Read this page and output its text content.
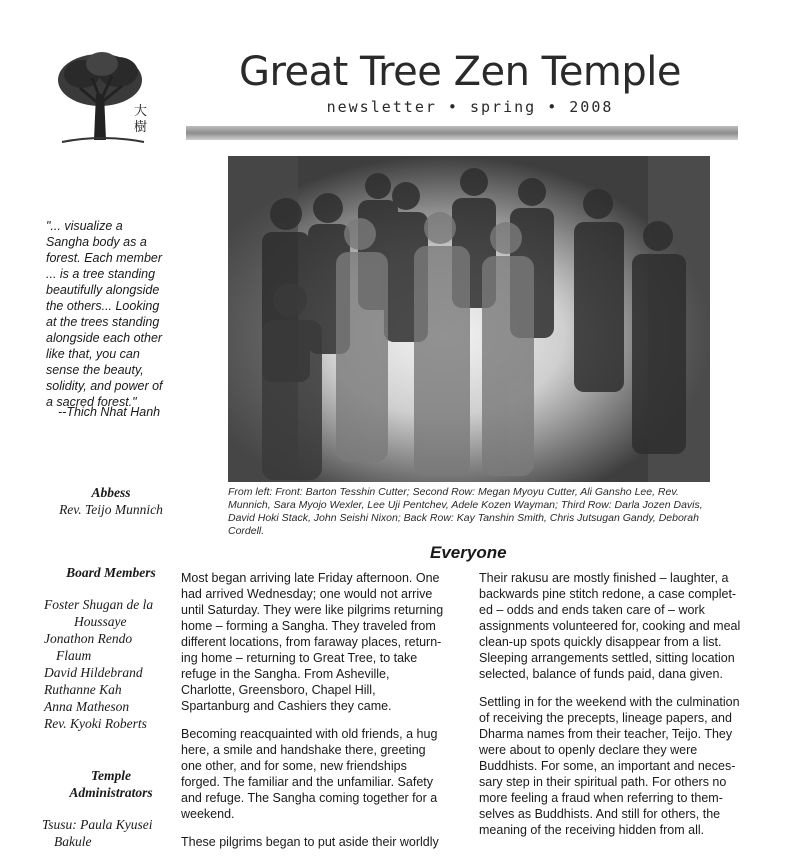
大樹
Great Tree Zen Temple
newsletter • spring • 2008
"... visualize a
Sangha body as a
forest. Each member
... is a tree standing
beautifully alongside
the others... Looking
at the trees standing
alongside each other
like that, you can
sense the beauty,
solidity, and power of
a sacred forest."
--Thich Nhat Hanh
Abbess
Rev. Teijo Munnich
Board Members
Foster Shugan de la
Houssaye
Jonathon Rendo
Flaum
David Hildebrand
Ruthanne Kah
Anna Matheson
Rev. Kyoki Roberts
Temple
Administrators
Tsusu: Paula Kyusei
Bakule
From left: Front: Barton Tesshin Cutter; Second Row: Megan Myoyu Cutter, Ali Gansho Lee, Rev. Munnich, Sara Myojo Wexler, Lee Uji Pentchev, Adele Kozen Wayman; Third Row: Darla Jozen Davis, David Hoki Stack, John Seishi Nixon; Back Row: Kay Tanshin Smith, Chris Jutsugan Gandy, Deborah Cordell.
Everyone

Most began arriving late Friday afternoon. One
had arrived Wednesday; one would not arrive
until Saturday. They were like pilgrims returning
home – forming a Sangha. They traveled from
different locations, from faraway places, return-
ing home – returning to Great Tree, to take
refuge in the Sangha. From Asheville,
Charlotte, Greensboro, Chapel Hill,
Spartanburg and Cashiers they came.

Becoming reacquainted with old friends, a hug
here, a smile and handshake there, greeting
one other, and for some, new friendships
forged. The familiar and the unfamiliar. Safety
and refuge. The Sangha coming together for a
weekend.

These pilgrims began to put aside their worldly

Their rakusu are mostly finished – laughter, a
backwards pine stitch redone, a case complet-
ed – odds and ends taken care of – work
assignments volunteered for, cooking and meal
clean-up spots quickly disappear from a list.
Sleeping arrangements settled, sitting location
selected, balance of funds paid, dana given.

Settling in for the weekend with the culmination
of receiving the precepts, lineage papers, and
Dharma names from their teacher, Teijo. They
were about to openly declare they were
Buddhists. For some, an important and neces-
sary step in their spiritual path. For others no
more feeling a fraud when referring to them-
selves as Buddhists. And still for others, the
meaning of the receiving hidden from all.
